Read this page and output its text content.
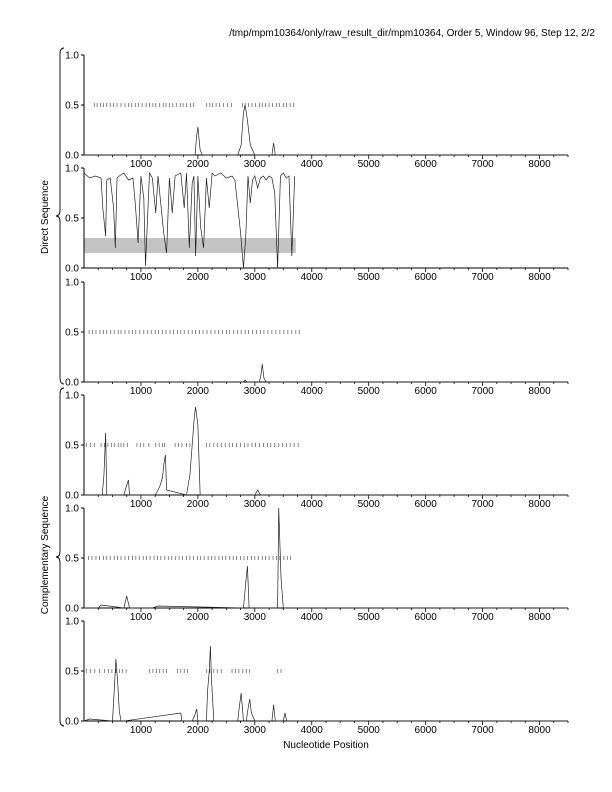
/tmp/mpm10364/only/raw_result_dir/mpm10364, Order 5, Window 96, Step 12, 2/2
0.0
0.5
1.0
1000	2000	3000	4000	5000	6000	7000	8000
0.0
0.5
1.0
1000	2000	3000	4000	5000	6000	7000	8000
0.0
0.5
1.0
1000	2000	3000	4000	5000	6000	7000	8000
0.0
0.5
1.0
1000	2000	3000	4000	5000	6000	7000	8000
0.0
0.5
1.0
1000	2000	3000	4000	5000	6000	7000	8000
0.0
0.5
1.0
1000	2000	3000	4000	5000	6000	7000	8000
Nucleotide Position
Direct Sequence
Complementary Sequence
